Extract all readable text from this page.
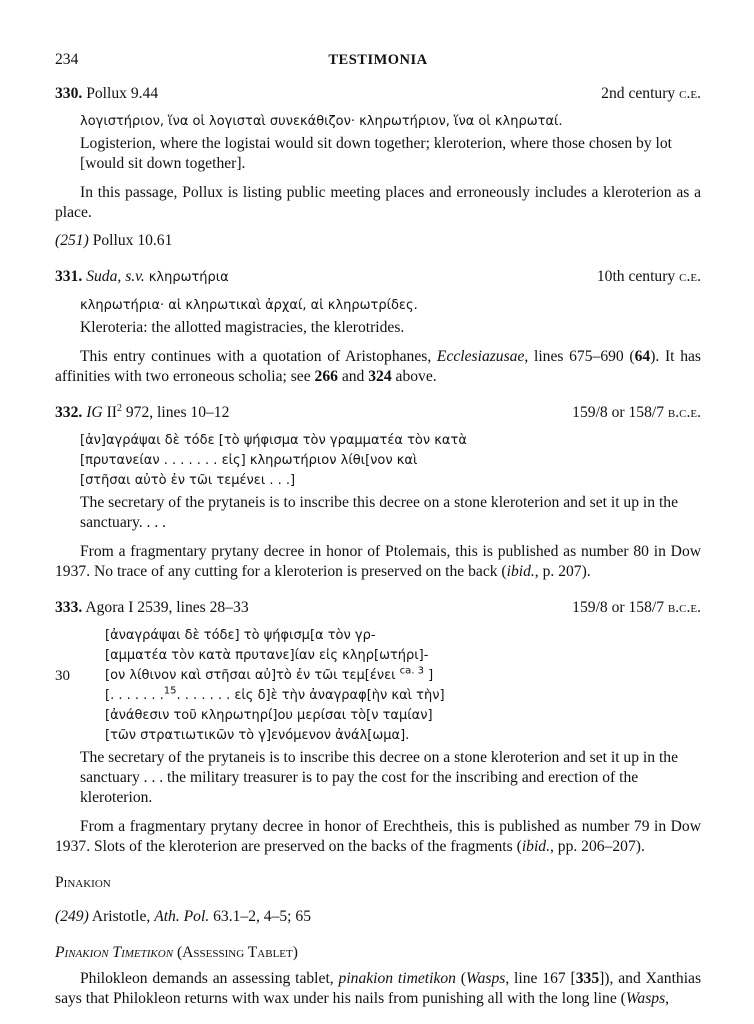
234	TESTIMONIA
330. Pollux 9.44	2nd century c.e.
λογιστήριον, ἵνα οἱ λογισταὶ συνεκάθιζον· κληρωτήριον, ἵνα οἱ κληρωταί.
Logisterion, where the logistai would sit down together; kleroterion, where those chosen by lot [would sit down together].
In this passage, Pollux is listing public meeting places and erroneously includes a kleroterion as a place.
(251) Pollux 10.61
331. Suda, s.v. κληρωτήρια	10th century c.e.
κληρωτήρια· αἱ κληρωτικαὶ ἀρχαί, αἱ κληρωτρίδες.
Kleroteria: the allotted magistracies, the klerotrides.
This entry continues with a quotation of Aristophanes, Ecclesiazusae, lines 675–690 (64). It has affinities with two erroneous scholia; see 266 and 324 above.
332. IG $II^2$ 972, lines 10–12	159/8 or 158/7 b.c.e.
[ἀν]αγράψαι δὲ τόδε [τὸ ψήφισμα τὸν γραμματέα τὸν κατὰ
[πρυτανείαν . . . . . . . εἰς] κληρωτήριον λίθι[νον καὶ
[στῆσαι αὐτὸ ἐν τῶι τεμένει . . .]
The secretary of the prytaneis is to inscribe this decree on a stone kleroterion and set it up in the sanctuary. . . .
From a fragmentary prytany decree in honor of Ptolemais, this is published as number 80 in Dow 1937. No trace of any cutting for a kleroterion is preserved on the back (ibid., p. 207).
333. Agora I 2539, lines 28–33	159/8 or 158/7 b.c.e.
[ἀναγράψαι δὲ τόδε] τὸ ψήφισμ[α τὸν γρ-
[αμματέα τὸν κατὰ πρυτανε]ίαν εἰς κληρ[ωτήρι]-
30	[ον λίθινον καὶ στῆσαι αὐ]τὸ ἐν τῶι τεμ[ένει $^{ca. 3}$ ]
[. . . . . . .$^{15}$. . . . . . . εἰς δ]ὲ τὴν ἀναγραφ[ὴν καὶ τὴν]
[ἀνάθεσιν τοῦ κληρωτηρί]ου μερίσαι τὸ[ν ταμίαν]
[τῶν στρατιωτικῶν τὸ γ]ενόμενον ἀνάλ[ωμα].
The secretary of the prytaneis is to inscribe this decree on a stone kleroterion and set it up in the sanctuary . . . the military treasurer is to pay the cost for the inscribing and erection of the kleroterion.
From a fragmentary prytany decree in honor of Erechtheis, this is published as number 79 in Dow 1937. Slots of the kleroterion are preserved on the backs of the fragments (ibid., pp. 206–207).
Pinakion
(249) Aristotle, Ath. Pol. 63.1–2, 4–5; 65
Pinakion Timetikon (Assessing Tablet)
Philokleon demands an assessing tablet, pinakion timetikon (Wasps, line 167 [335]), and Xanthias says that Philokleon returns with wax under his nails from punishing all with the long line (Wasps,
